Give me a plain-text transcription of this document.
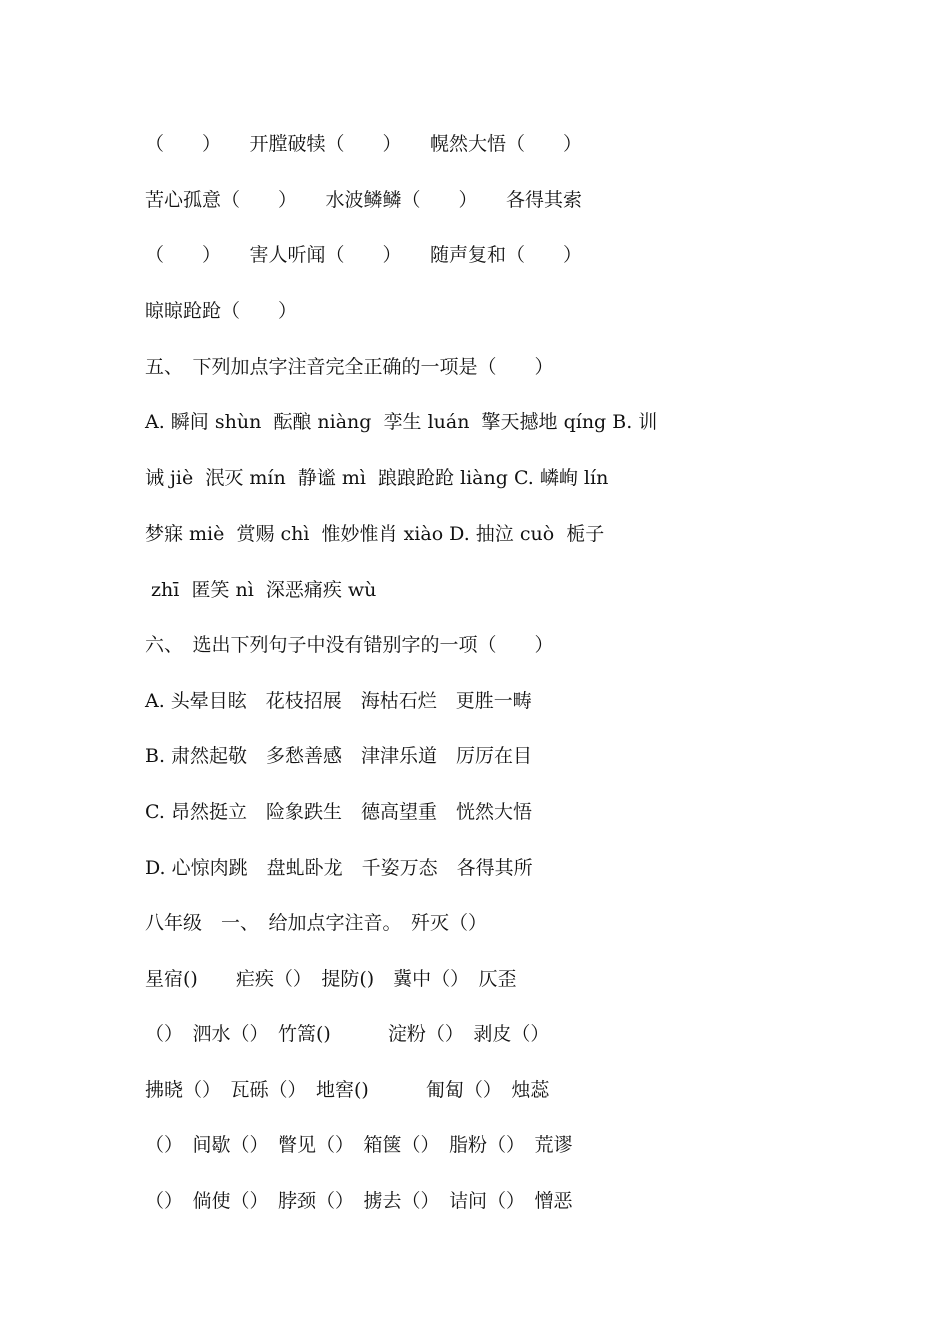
（　　）　　开膛破犊（　　）　　幌然大悟（　　）
苦心孤意（　　）　　水波鳞鳞（　　）　　各得其索
（　　）　　害人听闻（　　）　　随声复和（　　）
晾晾跄跄（　　）
五、　下列加点字注音完全正确的一项是（　　）
A. 瞬间 shùn  酝酿 niàng  孪生 luán  擎天撼地 qíng B. 训
诫 jiè  泯灭 mín  静谧 mì  踉踉跄跄 liàng C. 嶙峋 lín
梦寐 miè  赏赐 chì  惟妙惟肖 xiào D. 抽泣 cuò  栀子
zhī  匿笑 nì  深恶痛疾 wù
六、　选出下列句子中没有错别字的一项（　　）
A. 头晕目眩　花枝招展　海枯石烂　更胜一畴
B. 肃然起敬　多愁善感　津津乐道　厉厉在目
C. 昂然挺立　险象跌生　德高望重　恍然大悟
D. 心惊肉跳　盘虬卧龙　千姿万态　各得其所
八年级　一、　给加点字注音。　歼灭（）
星宿()　　疟疾（）　提防()　冀中（）　仄歪
（）　泗水（）　竹篙()　　　淀粉（）　剥皮（）
拂晓（）　瓦砾（）　地窖()　　　匍匐（）　烛蕊
（）　间歇（）　瞥见（）　箱箧（）　脂粉（）　荒谬
（）　倘使（）　脖颈（）　掳去（）　诘问（）　憎恶
